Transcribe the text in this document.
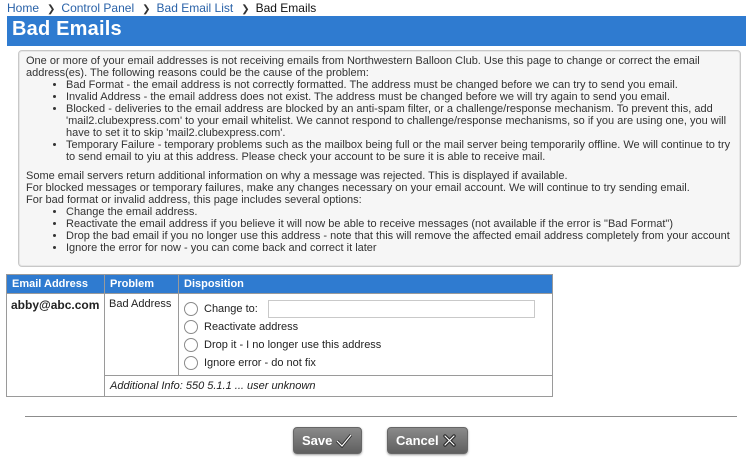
Home ❯ Control Panel ❯ Bad Email List ❯ Bad Emails
Bad Emails

One or more of your email addresses is not receiving emails from Northwestern Balloon Club. Use this page to change or correct the email address(es). The following reasons could be the cause of the problem:

• Bad Format - the email address is not correctly formatted. The address must be changed before we can try to send you email.
• Invalid Address - the email address does not exist. The address must be changed before we will try again to send you email.
• Blocked - deliveries to the email address are blocked by an anti-spam filter, or a challenge/response mechanism. To prevent this, add 'mail2.clubexpress.com' to your email whitelist. We cannot respond to challenge/response mechanisms, so if you are using one, you will have to set it to skip 'mail2.clubexpress.com'.
• Temporary Failure - temporary problems such as the mailbox being full or the mail server being temporarily offline. We will continue to try to send email to yiu at this address. Please check your account to be sure it is able to receive mail.

Some email servers return additional information on why a message was rejected. This is displayed if available.

For blocked messages or temporary failures, make any changes necessary on your email account. We will continue to try sending email.

For bad format or invalid address, this page includes several options:

• Change the email address.
• Reactivate the email address if you believe it will now be able to receive messages (not available if the error is "Bad Format")
• Drop the bad email if you no longer use this address - note that this will remove the affected email address completely from your account
• Ignore the error for now - you can come back and correct it later
Email Address	Problem	Disposition
abby@abc.com	Bad Address	Change to:
Reactivate address
Drop it - I no longer use this address
Ignore error - do not fix

	Additional Info: 550 5.1.1 ... user unknown	
Save	Cancel
